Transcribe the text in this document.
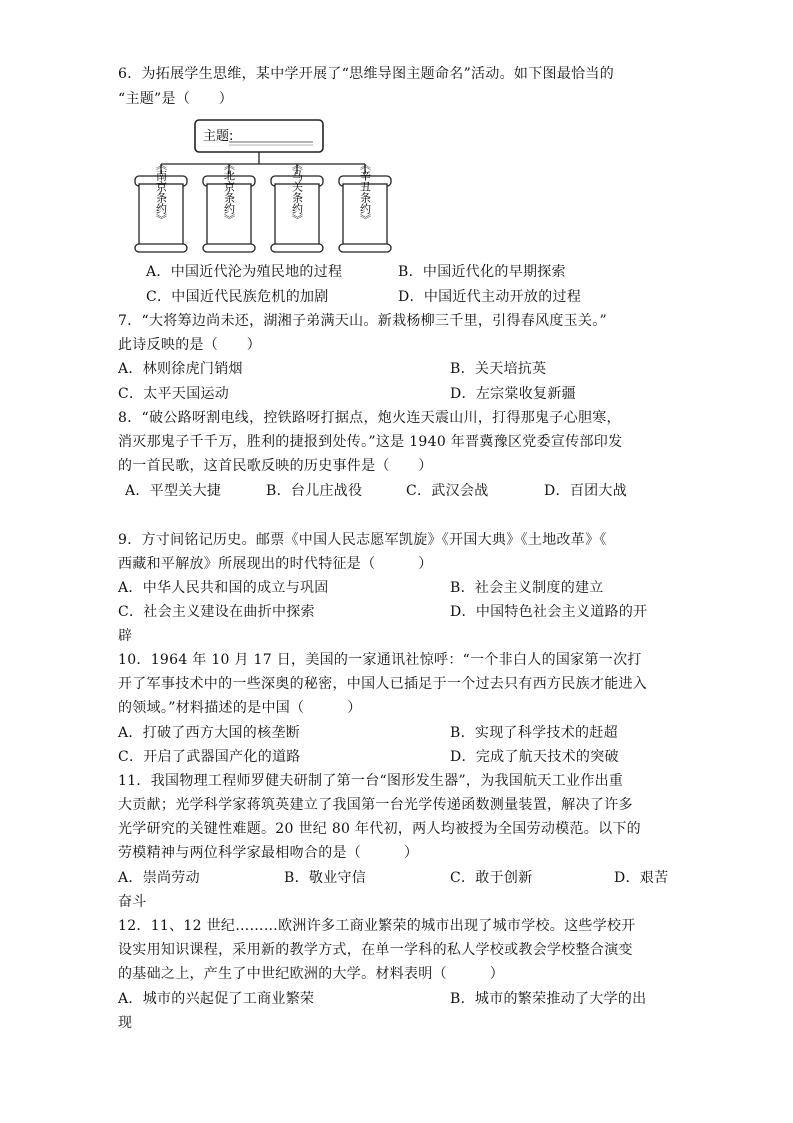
6．为拓展学生思维，某中学开展了“思维导图主题命名”活动。如下图最恰当的
“主题”是（　　）
主题:
《南京条约》	《北京条约》	《马关条约》	《辛丑条约》
A．中国近代沦为殖民地的过程	B．中国近代化的早期探索
C．中国近代民族危机的加剧	D．中国近代主动开放的过程
7．“大将筹边尚未还，湖湘子弟满天山。新栽杨柳三千里，引得春风度玉关。”
此诗反映的是（　　）
A．林则徐虎门销烟	B．关天培抗英
C．太平天国运动	D．左宗棠收复新疆
8．“破公路呀割电线，控铁路呀打据点，炮火连天震山川，打得那鬼子心胆寒，
消灭那鬼子千千万，胜利的捷报到处传。”这是 1940 年晋冀豫区党委宣传部印发
的一首民歌，这首民歌反映的历史事件是（　　）
A．平型关大捷	B．台儿庄战役	C．武汉会战	D．百团大战
9．方寸间铭记历史。邮票《中国人民志愿军凯旋》《开国大典》《土地改革》《
西藏和平解放》所展现出的时代特征是（　　　）
A．中华人民共和国的成立与巩固	B．社会主义制度的建立
C．社会主义建设在曲折中探索	D．中国特色社会主义道路的开
辟
10．1964 年 10 月 17 日，美国的一家通讯社惊呼：“一个非白人的国家第一次打
开了军事技术中的一些深奥的秘密，中国人已插足于一个过去只有西方民族才能进入
的领域。”材料描述的是中国（　　　）
A．打破了西方大国的核垄断	B．实现了科学技术的赶超
C．开启了武器国产化的道路	D．完成了航天技术的突破
11．我国物理工程师罗健夫研制了第一台“图形发生器”，为我国航天工业作出重
大贡献；光学科学家蒋筑英建立了我国第一台光学传递函数测量装置，解决了许多
光学研究的关键性难题。20 世纪 80 年代初，两人均被授为全国劳动模范。以下的
劳模精神与两位科学家最相吻合的是（　　　）
A．崇尚劳动	B．敬业守信	C．敢于创新	D．艰苦
奋斗
12．11、12 世纪………欧洲许多工商业繁荣的城市出现了城市学校。这些学校开
设实用知识课程，采用新的教学方式，在单一学科的私人学校或教会学校整合演变
的基础之上，产生了中世纪欧洲的大学。材料表明（　　　）
A．城市的兴起促了工商业繁荣	B．城市的繁荣推动了大学的出
现
